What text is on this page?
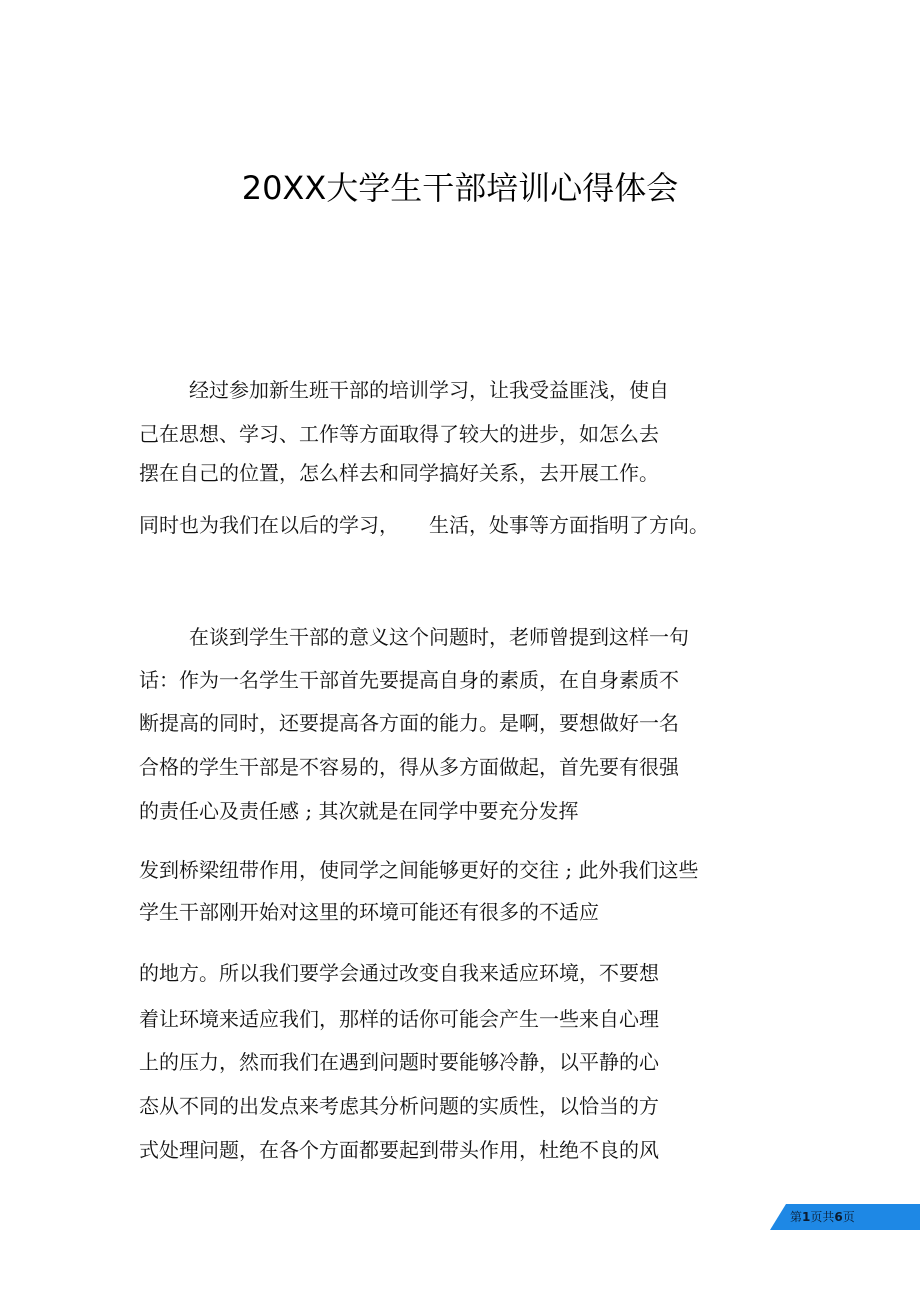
20XX大学生干部培训心得体会

经过参加新生班干部的培训学习，让我受益匪浅，使自

己在思想、学习、工作等方面取得了较大的进步，如怎么去

摆在自己的位置，怎么样去和同学搞好关系，去开展工作。

同时也为我们在以后的学习，　　生活，处事等方面指明了方向。

在谈到学生干部的意义这个问题时，老师曾提到这样一句

话：作为一名学生干部首先要提高自身的素质，在自身素质不

断提高的同时，还要提高各方面的能力。是啊，要想做好一名

合格的学生干部是不容易的，得从多方面做起，首先要有很强

的责任心及责任感 ; 其次就是在同学中要充分发挥

发到桥梁纽带作用，使同学之间能够更好的交往 ; 此外我们这些

学生干部刚开始对这里的环境可能还有很多的不适应

的地方。所以我们要学会通过改变自我来适应环境，不要想

着让环境来适应我们，那样的话你可能会产生一些来自心理

上的压力，然而我们在遇到问题时要能够冷静，以平静的心

态从不同的出发点来考虑其分析问题的实质性，以恰当的方

式处理问题，在各个方面都要起到带头作用，杜绝不良的风

第1页共6页
